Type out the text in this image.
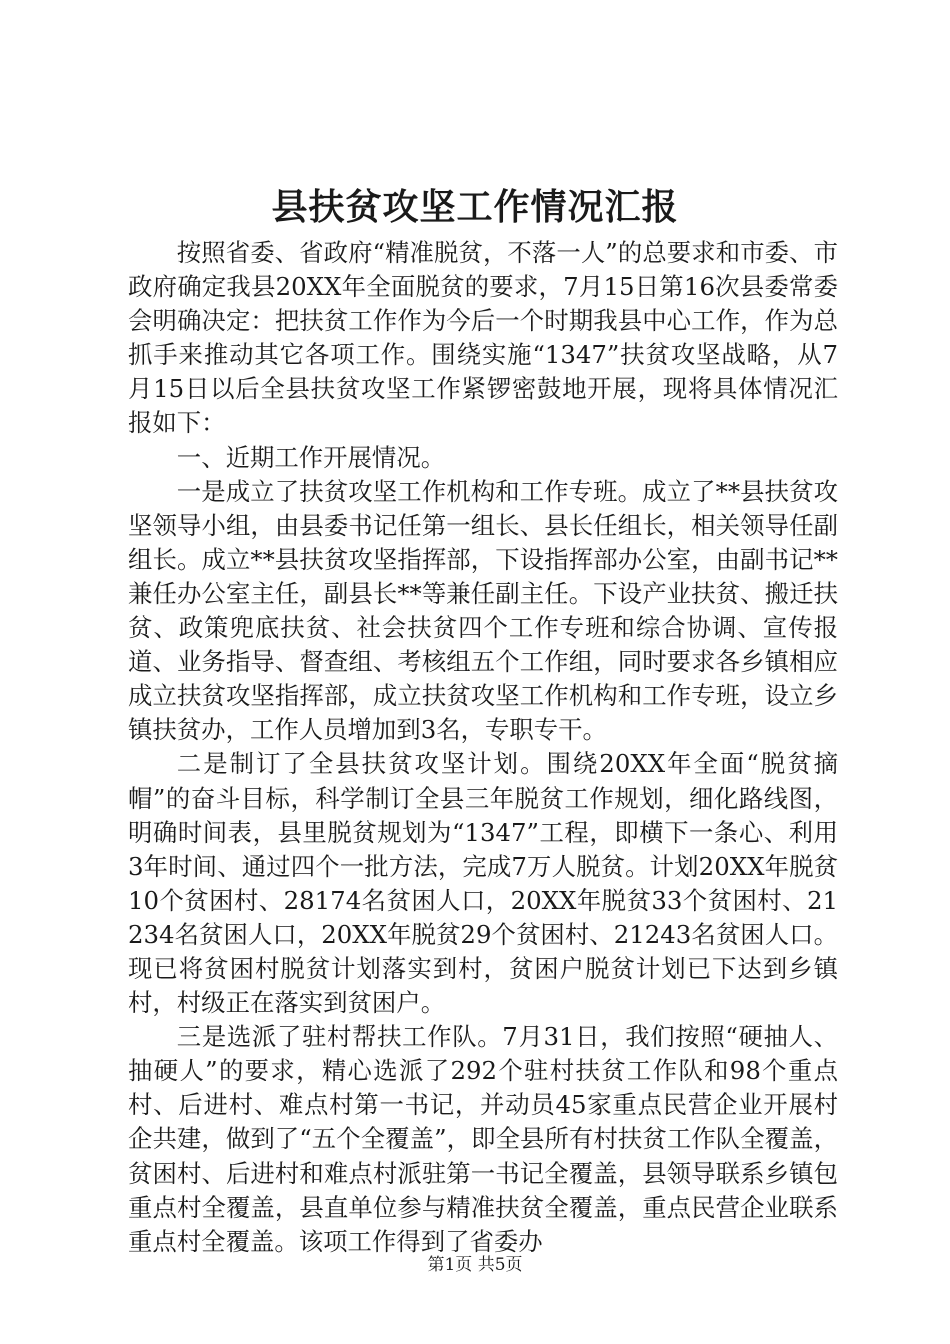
县扶贫攻坚工作情况汇报

按照省委、省政府“精准脱贫，不落一人”的总要求和市委、市政府确定我县20XX年全面脱贫的要求，7月15日第16次县委常委会明确决定：把扶贫工作作为今后一个时期我县中心工作，作为总抓手来推动其它各项工作。围绕实施“1347”扶贫攻坚战略，从7月15日以后全县扶贫攻坚工作紧锣密鼓地开展，现将具体情况汇报如下：

一、近期工作开展情况。

一是成立了扶贫攻坚工作机构和工作专班。成立了**县扶贫攻坚领导小组，由县委书记任第一组长、县长任组长，相关领导任副组长。成立**县扶贫攻坚指挥部，下设指挥部办公室，由副书记**兼任办公室主任，副县长**等兼任副主任。下设产业扶贫、搬迁扶贫、政策兜底扶贫、社会扶贫四个工作专班和综合协调、宣传报道、业务指导、督查组、考核组五个工作组，同时要求各乡镇相应成立扶贫攻坚指挥部，成立扶贫攻坚工作机构和工作专班，设立乡镇扶贫办，工作人员增加到3名，专职专干。

二是制订了全县扶贫攻坚计划。围绕20XX年全面“脱贫摘帽”的奋斗目标，科学制订全县三年脱贫工作规划，细化路线图，明确时间表，县里脱贫规划为“1347”工程，即横下一条心、利用3年时间、通过四个一批方法，完成7万人脱贫。计划20XX年脱贫10个贫困村、28174名贫困人口，20XX年脱贫33个贫困村、21234名贫困人口，20XX年脱贫29个贫困村、21243名贫困人口。现已将贫困村脱贫计划落实到村，贫困户脱贫计划已下达到乡镇村，村级正在落实到贫困户。

三是选派了驻村帮扶工作队。7月31日，我们按照“硬抽人、抽硬人”的要求，精心选派了292个驻村扶贫工作队和98个重点村、后进村、难点村第一书记，并动员45家重点民营企业开展村企共建，做到了“五个全覆盖”，即全县所有村扶贫工作队全覆盖，贫困村、后进村和难点村派驻第一书记全覆盖，县领导联系乡镇包重点村全覆盖，县直单位参与精准扶贫全覆盖，重点民营企业联系重点村全覆盖。该项工作得到了省委办

第1页 共5页
